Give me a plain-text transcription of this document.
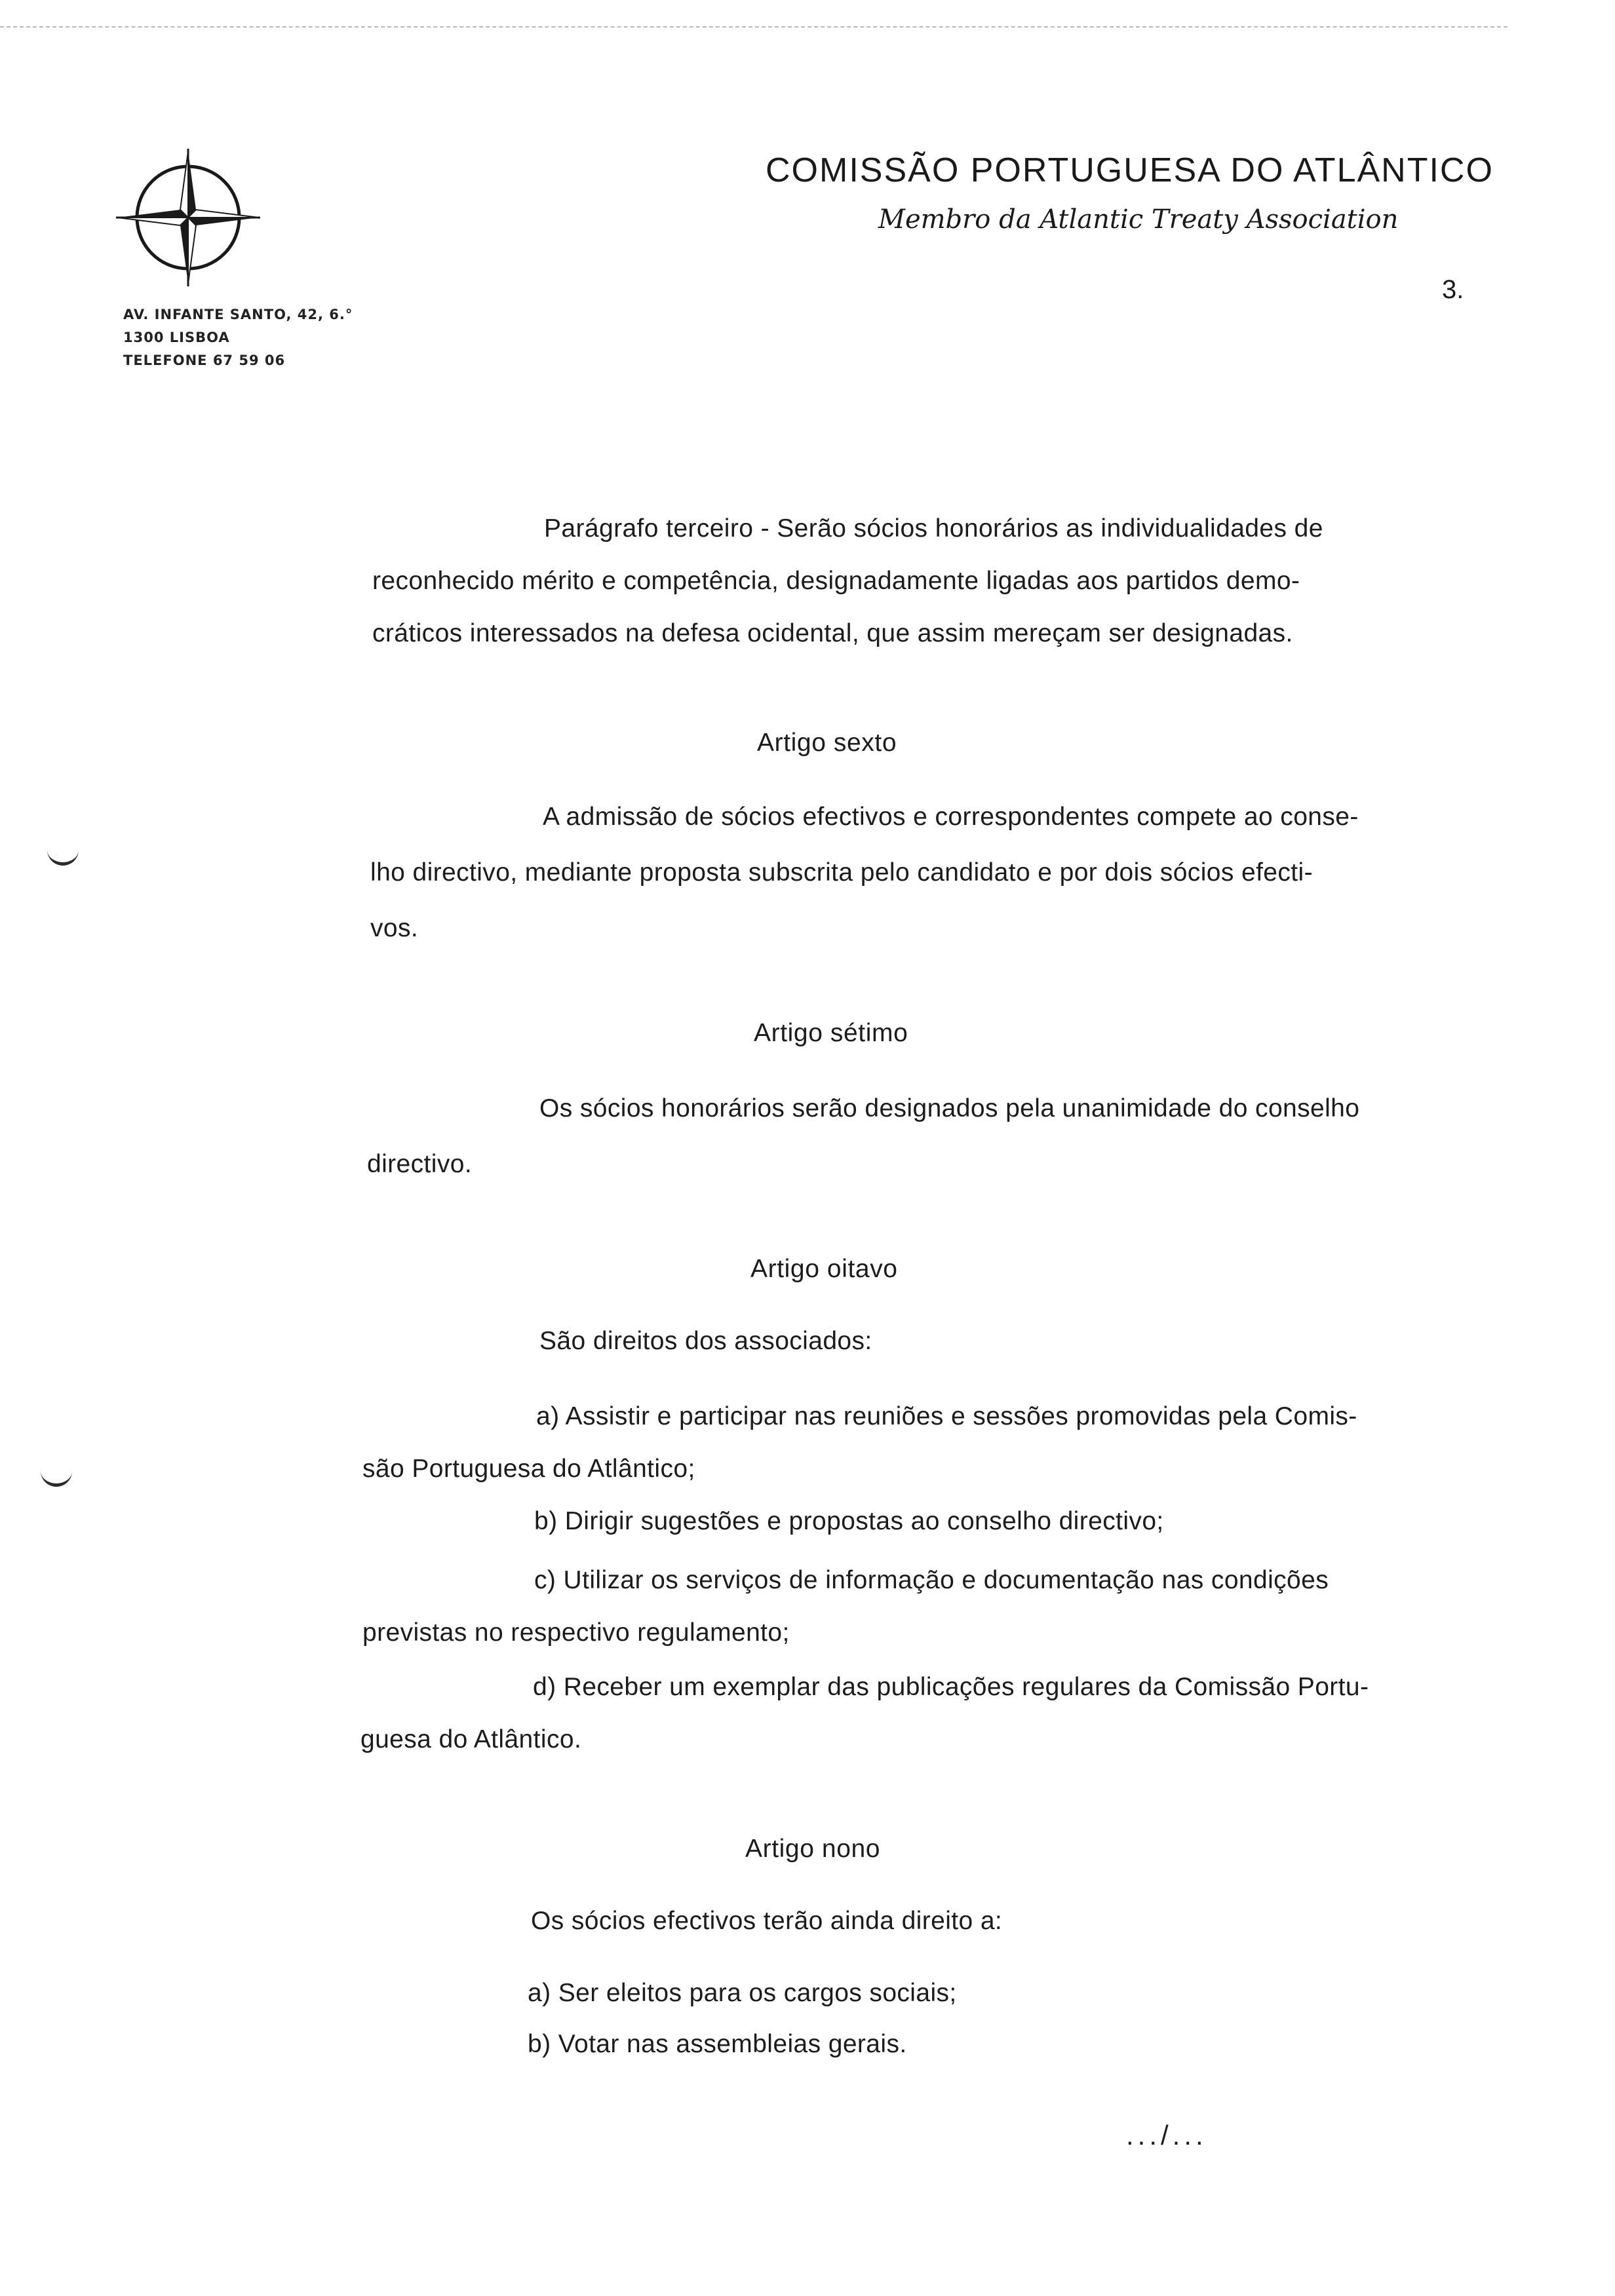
AV. INFANTE SANTO, 42, 6.°
1300 LISBOA
TELEFONE 67 59 06
COMISSÃO PORTUGUESA DO ATLÂNTICO
Membro da Atlantic Treaty Association
3.
Parágrafo terceiro - Serão sócios honorários as individualidades de
reconhecido mérito e competência, designadamente ligadas aos partidos demo-
cráticos interessados na defesa ocidental, que assim mereçam ser designadas.
Artigo sexto
A admissão de sócios efectivos e correspondentes compete ao conse-
lho directivo, mediante proposta subscrita pelo candidato e por dois sócios efecti-
vos.
Artigo sétimo
Os sócios honorários serão designados pela unanimidade do conselho
directivo.
Artigo oitavo
São direitos dos associados:
a) Assistir e participar nas reuniões e sessões promovidas pela Comis-
são Portuguesa do Atlântico;
b) Dirigir sugestões e propostas ao conselho directivo;
c) Utilizar os serviços de informação e documentação nas condições
previstas no respectivo regulamento;
d) Receber um exemplar das publicações regulares da Comissão Portu-
guesa do Atlântico.
Artigo nono
Os sócios efectivos terão ainda direito a:
a) Ser eleitos para os cargos sociais;
b) Votar nas assembleias gerais.
.../...
